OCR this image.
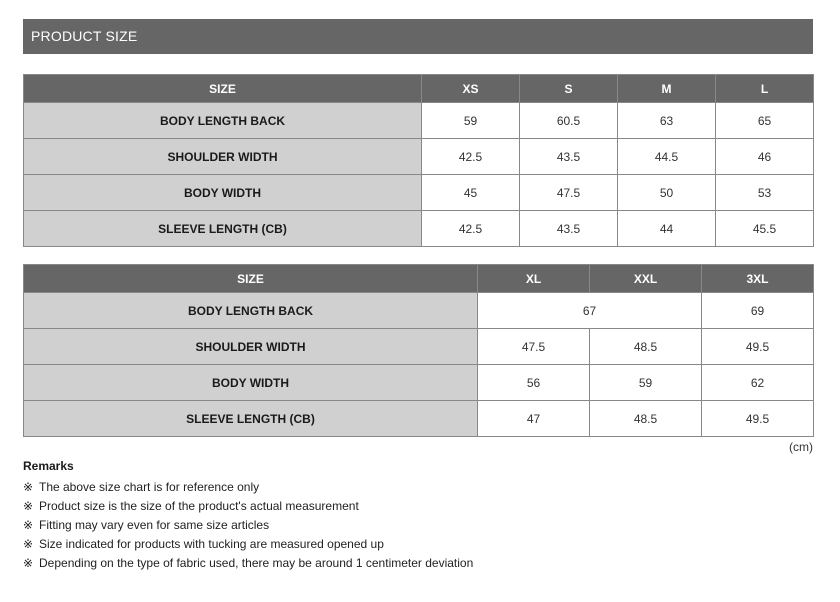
PRODUCT SIZE
SIZE	XS	S	M	L
BODY LENGTH BACK	59	60.5	63	65
SHOULDER WIDTH	42.5	43.5	44.5	46
BODY WIDTH	45	47.5	50	53
SLEEVE LENGTH (CB)	42.5	43.5	44	45.5
SIZE	XL	XXL	3XL
BODY LENGTH BACK	67		69
SHOULDER WIDTH	47.5	48.5	49.5
BODY WIDTH	56	59	62
SLEEVE LENGTH (CB)	47	48.5	49.5
(cm)
Remarks
※ The above size chart is for reference only
※ Product size is the size of the product's actual measurement
※ Fitting may vary even for same size articles
※ Size indicated for products with tucking are measured opened up
※ Depending on the type of fabric used, there may be around 1 centimeter deviation
